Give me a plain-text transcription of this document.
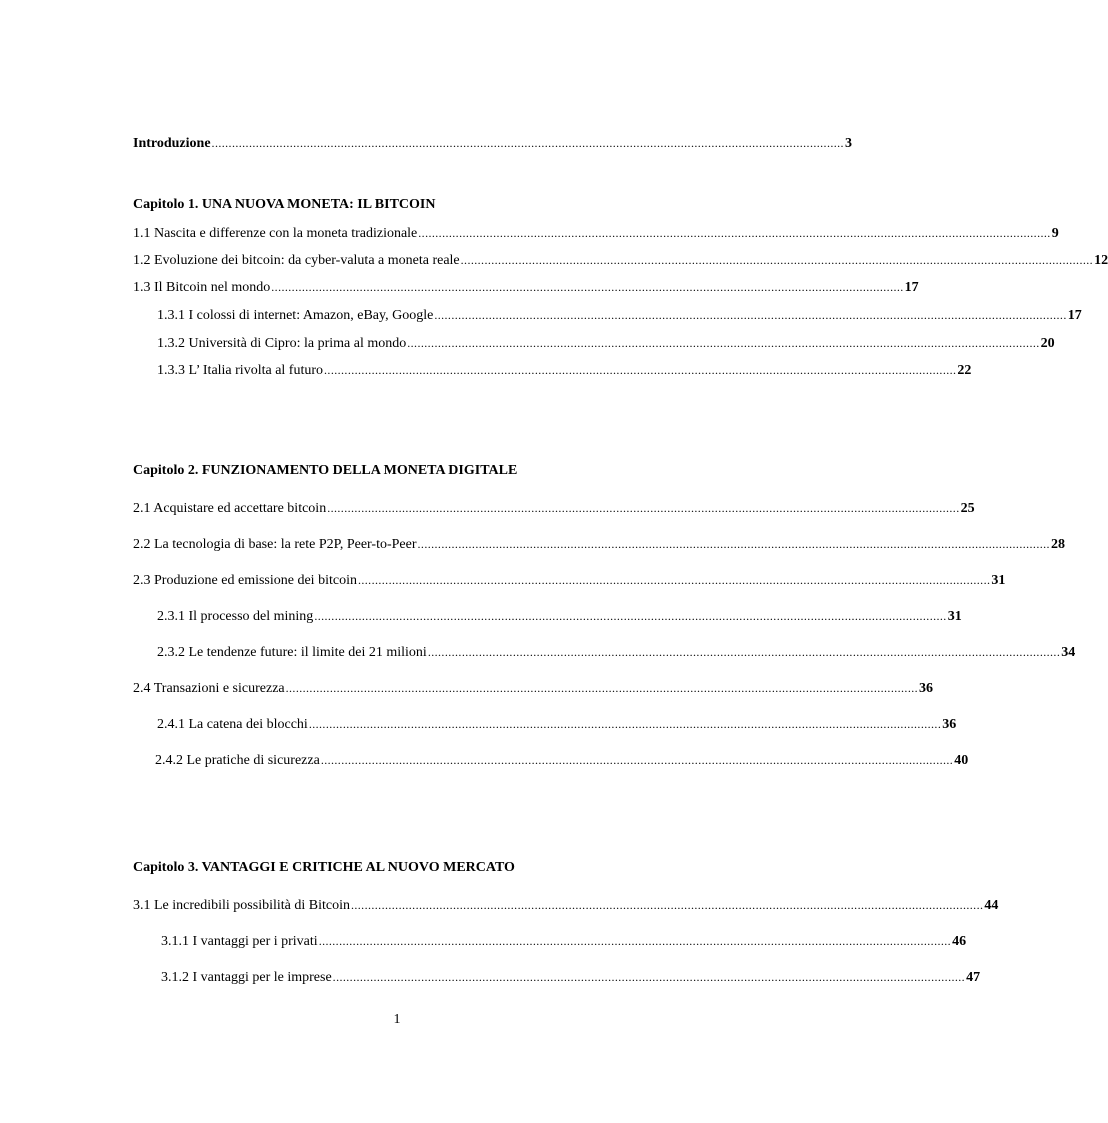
Introduzione .......................................................................................................................................................................................... 3
Capitolo 1. UNA NUOVA MONETA: IL BITCOIN
1.1 Nascita e differenze con la moneta tradizionale .......................................................................................................................................................................................... 9
1.2 Evoluzione dei bitcoin: da cyber-valuta a moneta reale .......................................................................................................................................................................................... 12
1.3 Il Bitcoin nel mondo .......................................................................................................................................................................................... 17
1.3.1 I colossi di internet: Amazon, eBay, Google .......................................................................................................................................................................................... 17
1.3.2 Università di Cipro: la prima al mondo .......................................................................................................................................................................................... 20
1.3.3 L’ Italia rivolta al futuro .......................................................................................................................................................................................... 22
Capitolo 2. FUNZIONAMENTO DELLA MONETA DIGITALE
2.1 Acquistare ed accettare bitcoin .......................................................................................................................................................................................... 25
2.2 La tecnologia di base: la rete P2P, Peer-to-Peer .......................................................................................................................................................................................... 28
2.3 Produzione ed emissione dei bitcoin .......................................................................................................................................................................................... 31
2.3.1 Il processo del mining .......................................................................................................................................................................................... 31
2.3.2 Le tendenze future: il limite dei 21 milioni .......................................................................................................................................................................................... 34
2.4 Transazioni e sicurezza .......................................................................................................................................................................................... 36
2.4.1 La catena dei blocchi .......................................................................................................................................................................................... 36
2.4.2 Le pratiche di sicurezza .......................................................................................................................................................................................... 40
Capitolo 3. VANTAGGI E CRITICHE AL NUOVO MERCATO
3.1 Le incredibili possibilità di Bitcoin .......................................................................................................................................................................................... 44
3.1.1 I vantaggi per i privati .......................................................................................................................................................................................... 46
3.1.2 I vantaggi per le imprese .......................................................................................................................................................................................... 47
1
